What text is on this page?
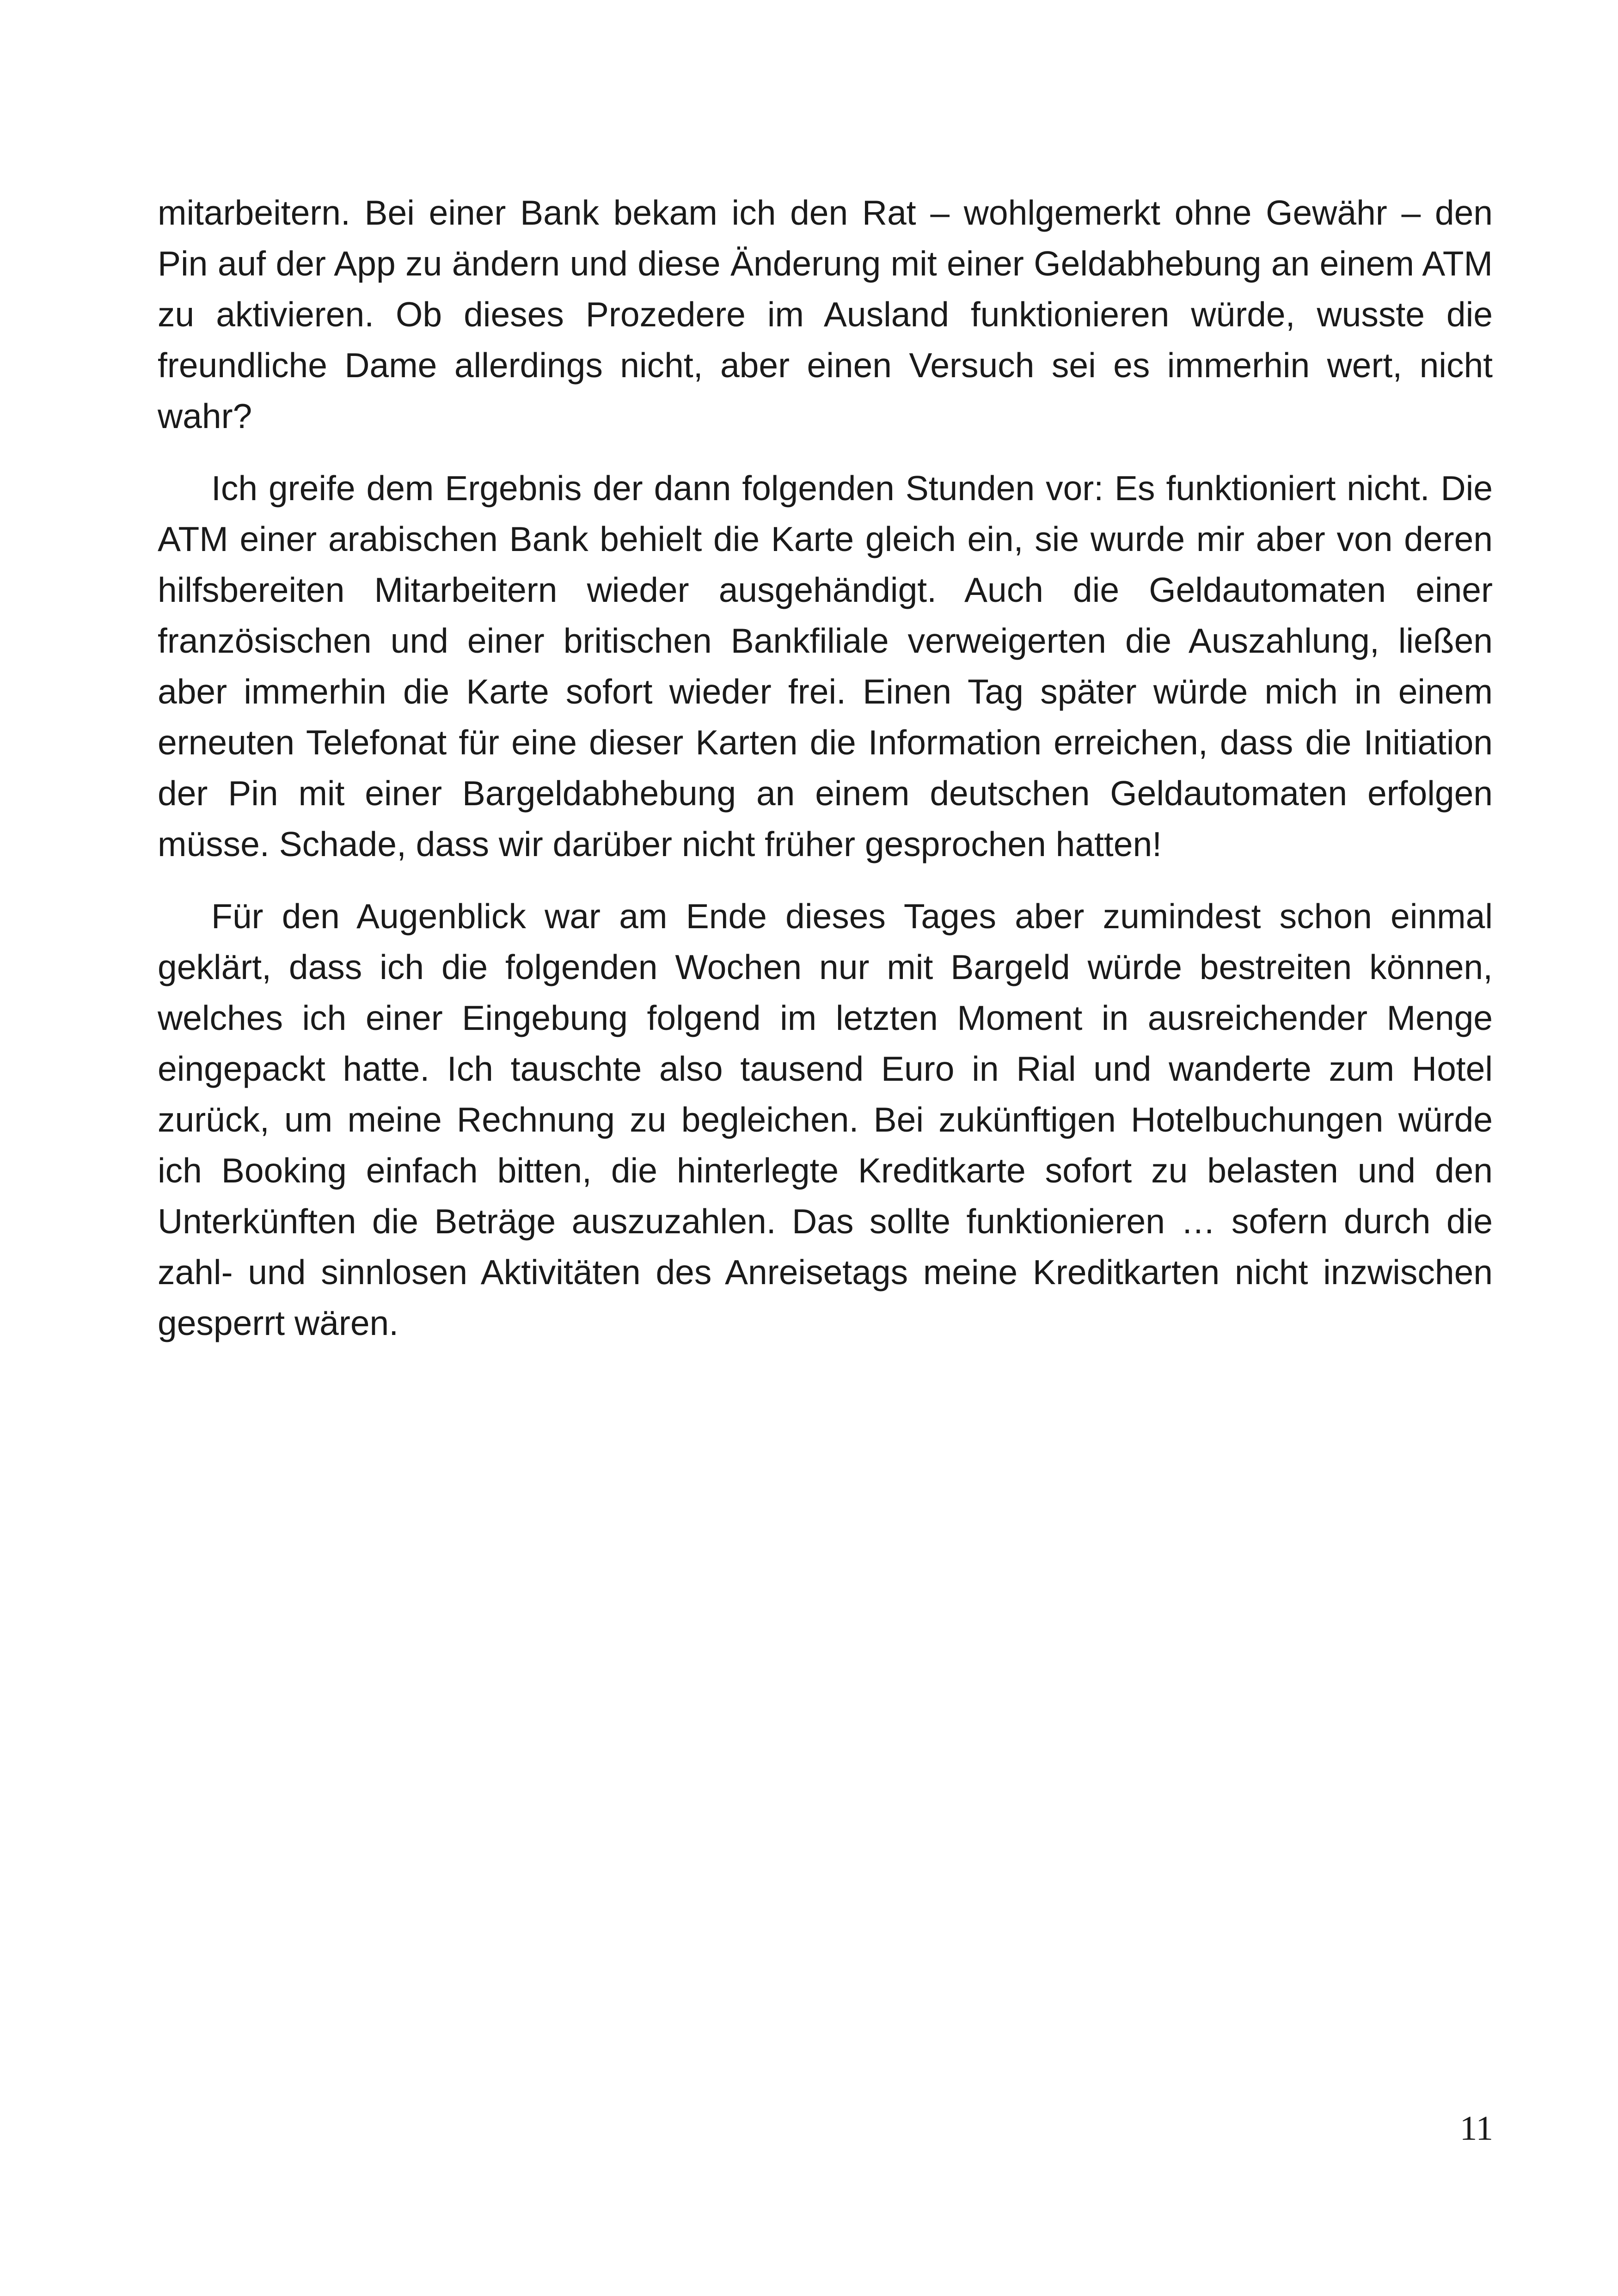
mitarbeitern. Bei einer Bank bekam ich den Rat – wohlgemerkt ohne Gewähr – den Pin auf der App zu ändern und diese Änderung mit einer Geldabhebung an einem ATM zu aktivieren. Ob dieses Prozedere im Ausland funktionieren würde, wusste die freundliche Dame allerdings nicht, aber einen Versuch sei es immerhin wert, nicht wahr?

Ich greife dem Ergebnis der dann folgenden Stunden vor: Es funktioniert nicht. Die ATM einer arabischen Bank behielt die Karte gleich ein, sie wurde mir aber von deren hilfsbereiten Mitarbeitern wieder ausgehändigt. Auch die Geldautomaten einer französischen und einer britischen Bankfiliale verweigerten die Auszahlung, ließen aber immerhin die Karte sofort wieder frei. Einen Tag später würde mich in einem erneuten Telefonat für eine dieser Karten die Information erreichen, dass die Initiation der Pin mit einer Bargeldabhebung an einem deutschen Geldautomaten erfolgen müsse. Schade, dass wir darüber nicht früher gesprochen hatten!

Für den Augenblick war am Ende dieses Tages aber zumindest schon einmal geklärt, dass ich die folgenden Wochen nur mit Bargeld würde bestreiten können, welches ich einer Eingebung folgend im letzten Moment in ausreichender Menge eingepackt hatte. Ich tauschte also tausend Euro in Rial und wanderte zum Hotel zurück, um meine Rechnung zu begleichen. Bei zukünftigen Hotelbuchungen würde ich Booking einfach bitten, die hinterlegte Kreditkarte sofort zu belasten und den Unterkünften die Beträge auszuzahlen. Das sollte funktionieren … sofern durch die zahl- und sinnlosen Aktivitäten des Anreisetags meine Kreditkarten nicht inzwischen gesperrt wären.

11
